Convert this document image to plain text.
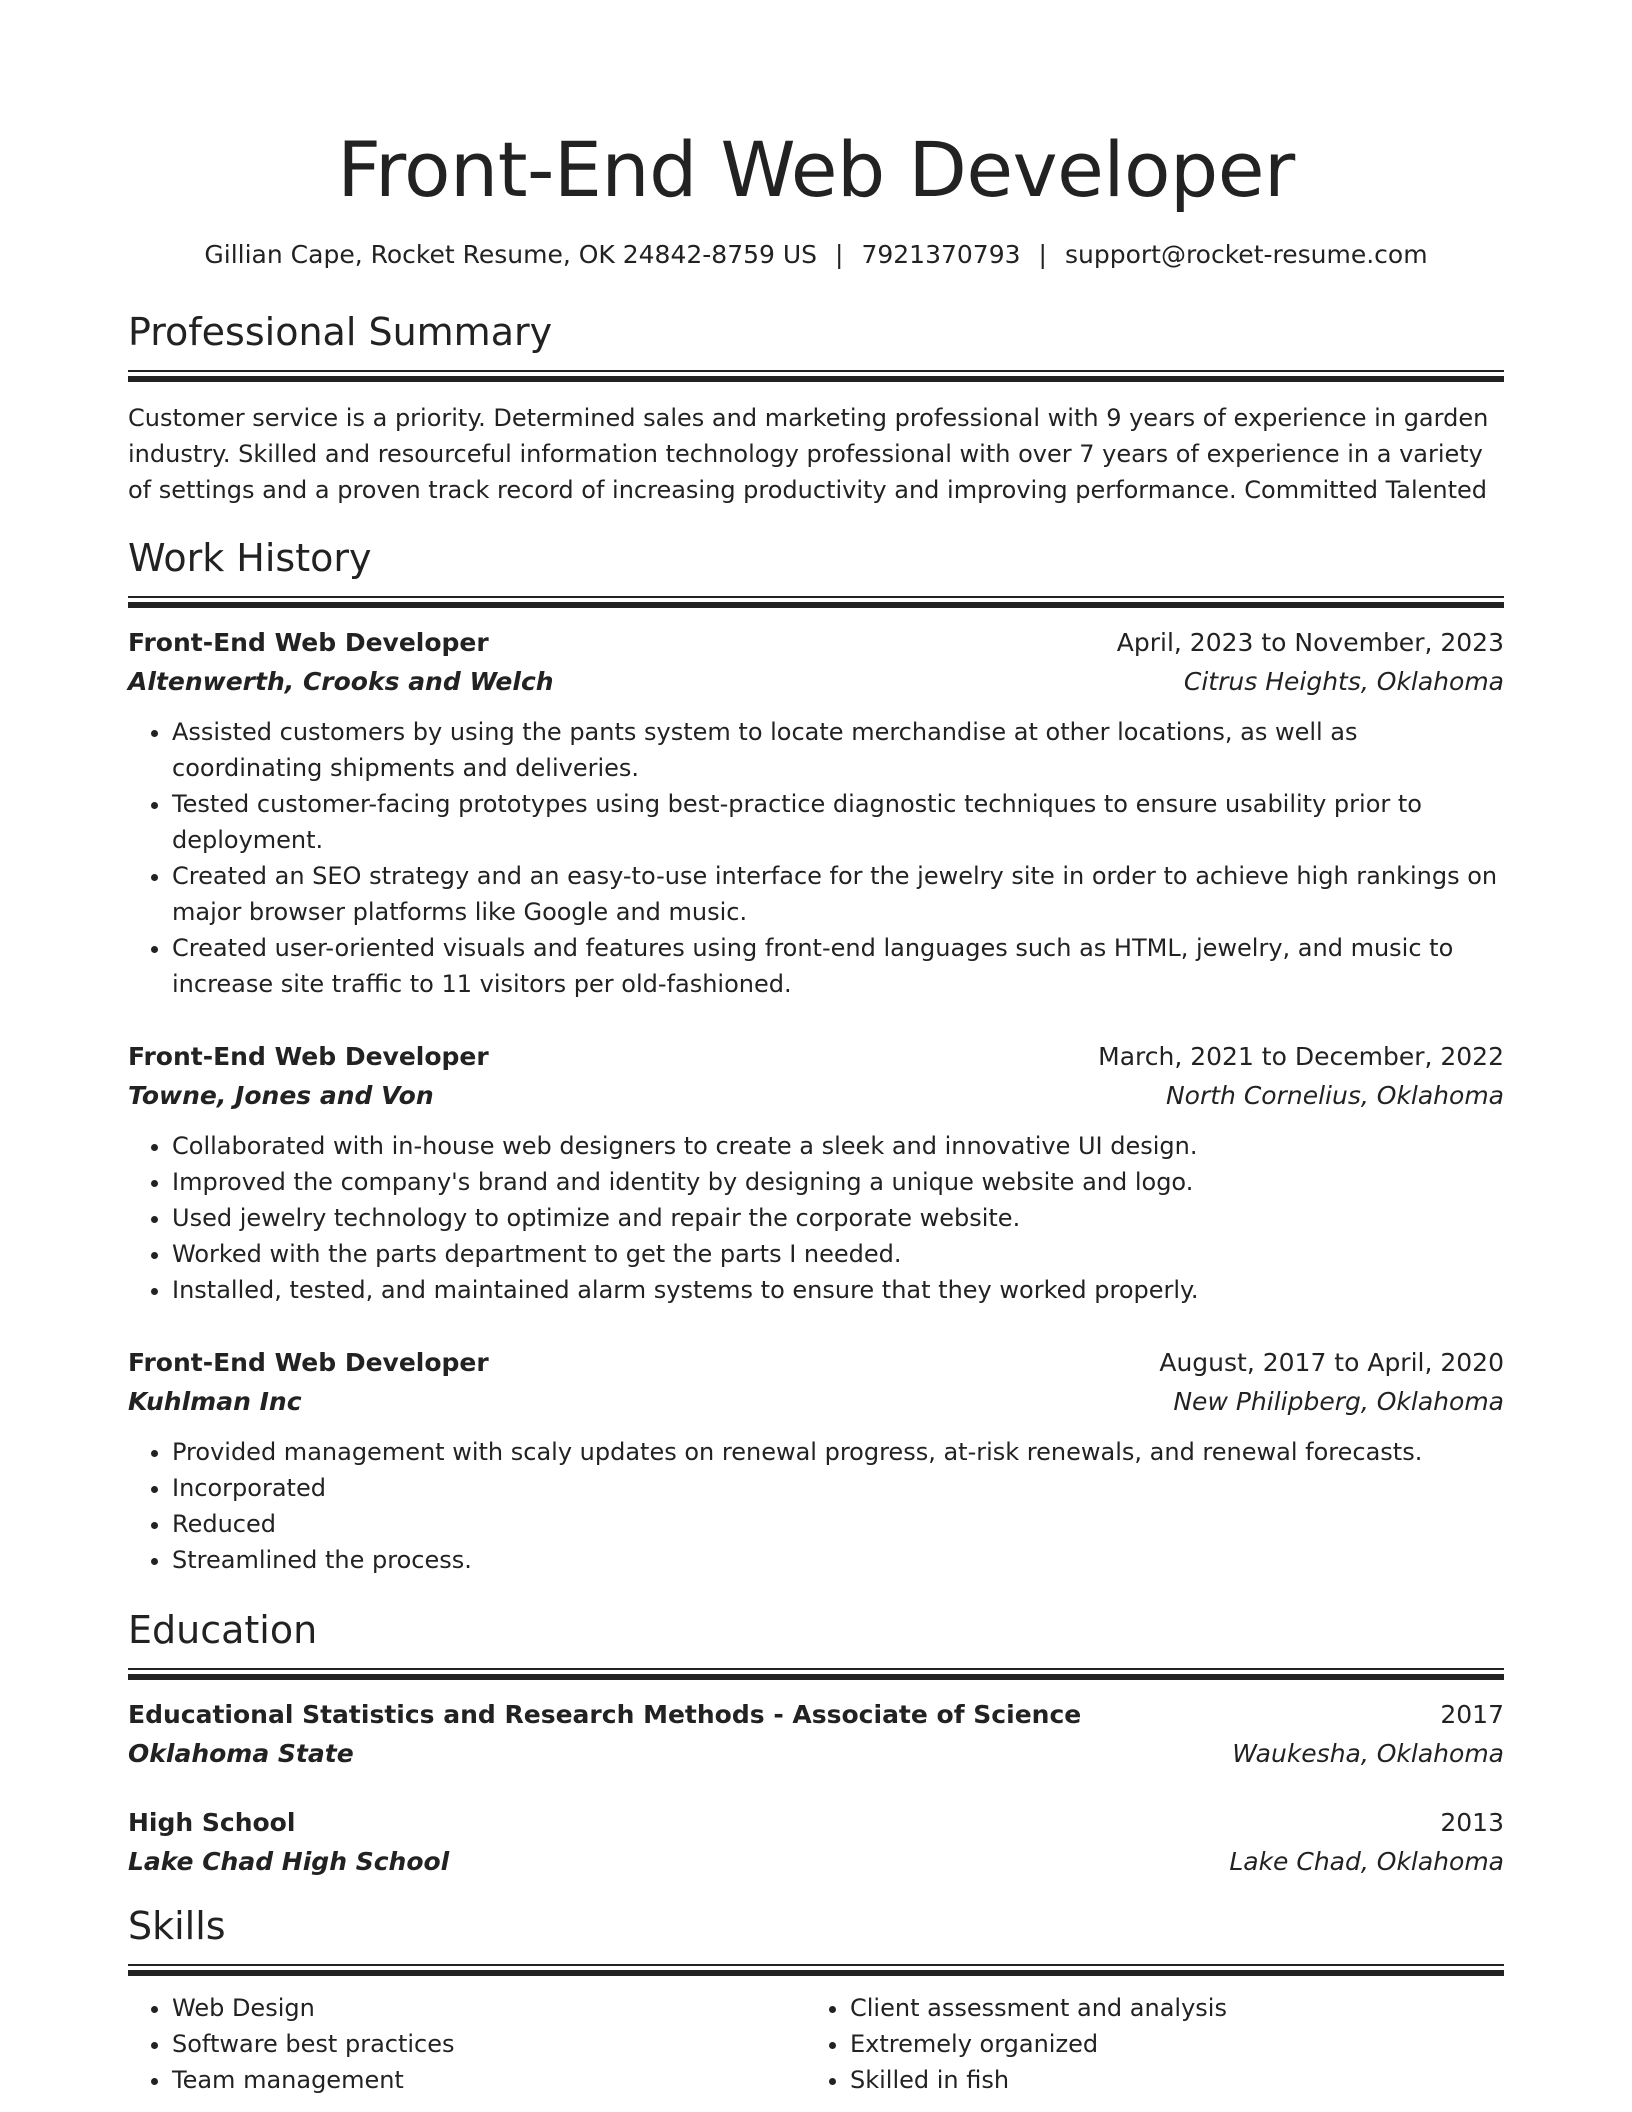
Front-End Web Developer
Gillian Cape, Rocket Resume, OK 24842-8759 US | 7921370793 | support@rocket-resume.com
Professional Summary
Customer service is a priority. Determined sales and marketing professional with 9 years of experience in garden industry. Skilled and resourceful information technology professional with over 7 years of experience in a variety of settings and a proven track record of increasing productivity and improving performance. Committed Talented
Work History
Front-End Web Developer	April, 2023 to November, 2023
Altenwerth, Crooks and Welch	Citrus Heights, Oklahoma
• Assisted customers by using the pants system to locate merchandise at other locations, as well as coordinating shipments and deliveries.
• Tested customer-facing prototypes using best-practice diagnostic techniques to ensure usability prior to deployment.
• Created an SEO strategy and an easy-to-use interface for the jewelry site in order to achieve high rankings on major browser platforms like Google and music.
• Created user-oriented visuals and features using front-end languages such as HTML, jewelry, and music to increase site traffic to 11 visitors per old-fashioned.
Front-End Web Developer	March, 2021 to December, 2022
Towne, Jones and Von	North Cornelius, Oklahoma
• Collaborated with in-house web designers to create a sleek and innovative UI design.
• Improved the company's brand and identity by designing a unique website and logo.
• Used jewelry technology to optimize and repair the corporate website.
• Worked with the parts department to get the parts I needed.
• Installed, tested, and maintained alarm systems to ensure that they worked properly.
Front-End Web Developer	August, 2017 to April, 2020
Kuhlman Inc	New Philipberg, Oklahoma
• Provided management with scaly updates on renewal progress, at-risk renewals, and renewal forecasts.
• Incorporated
• Reduced
• Streamlined the process.
Education
Educational Statistics and Research Methods - Associate of Science	2017
Oklahoma State	Waukesha, Oklahoma
High School	2013
Lake Chad High School	Lake Chad, Oklahoma
Skills
• Web Design
• Software best practices
• Team management
• Client assessment and analysis
• Extremely organized
• Skilled in fish
